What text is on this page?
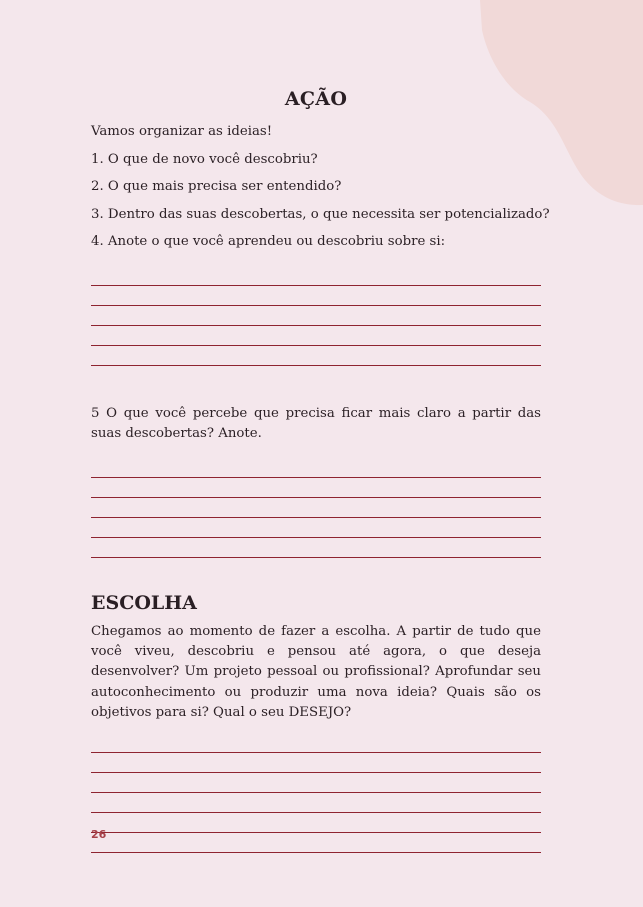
AÇÃO

Vamos organizar as ideias!

1. O que de novo você descobriu?

2. O que mais precisa ser entendido?

3. Dentro das suas descobertas, o que necessita ser potencializado?

4. Anote o que você aprendeu ou descobriu sobre si:

5 O que você percebe que precisa ficar mais claro a partir das suas descobertas? Anote.

ESCOLHA

Chegamos ao momento de fazer a escolha. A partir de tudo que você viveu, descobriu e pensou até agora, o que deseja desenvolver? Um projeto pessoal ou profissional? Aprofundar seu autoconhecimento ou produzir uma nova ideia? Quais são os objetivos para si? Qual o seu DESEJO?

26
